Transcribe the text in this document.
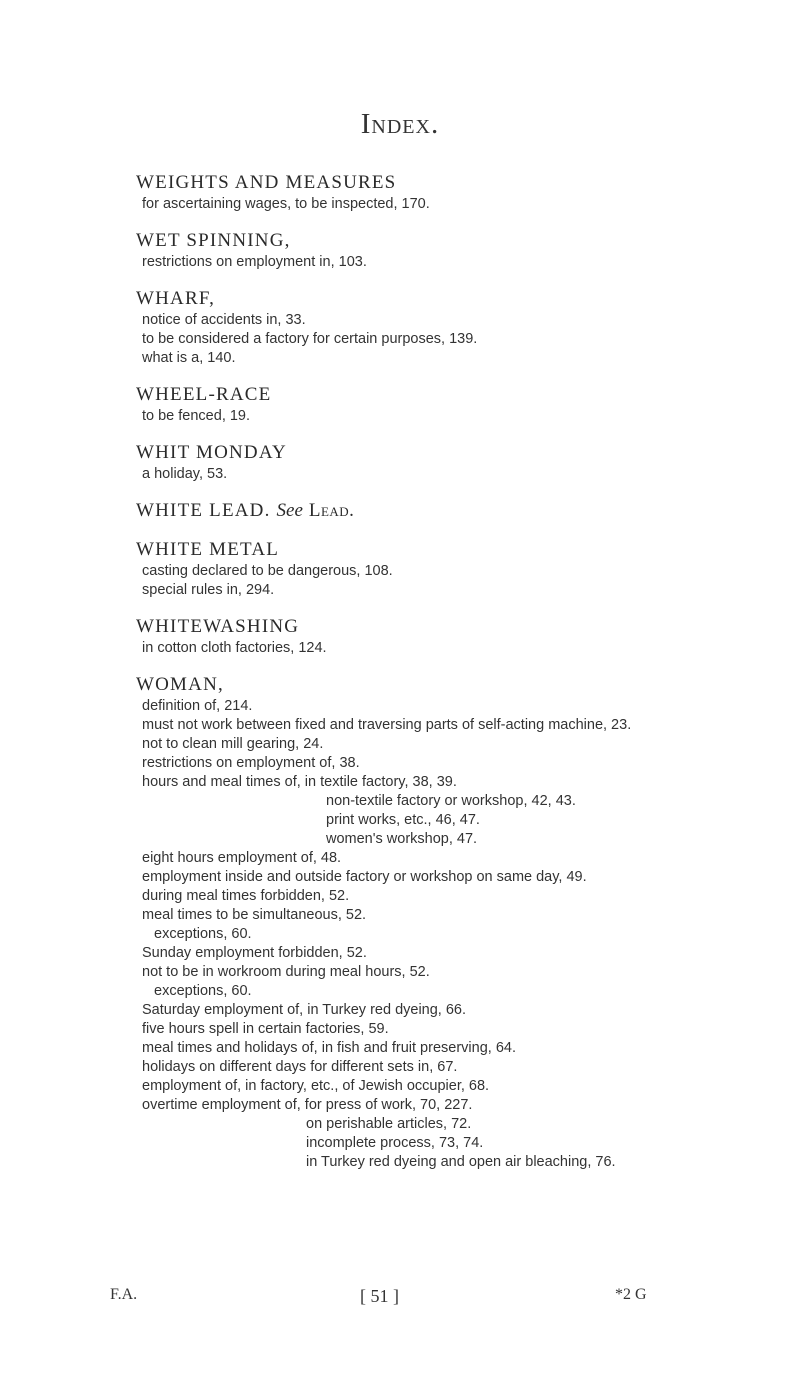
Index.
WEIGHTS AND MEASURES
for ascertaining wages, to be inspected, 170.
WET SPINNING,
restrictions on employment in, 103.
WHARF,
notice of accidents in, 33.
to be considered a factory for certain purposes, 139.
what is a, 140.
WHEEL-RACE
to be fenced, 19.
WHIT MONDAY
a holiday, 53.
WHITE LEAD. See Lead.
WHITE METAL
casting declared to be dangerous, 108.
special rules in, 294.
WHITEWASHING
in cotton cloth factories, 124.
WOMAN,
definition of, 214.
must not work between fixed and traversing parts of self-acting machine, 23.
not to clean mill gearing, 24.
restrictions on employment of, 38.
hours and meal times of, in textile factory, 38, 39.
non-textile factory or workshop, 42, 43.
print works, etc., 46, 47.
women's workshop, 47.
eight hours employment of, 48.
employment inside and outside factory or workshop on same day, 49.
during meal times forbidden, 52.
meal times to be simultaneous, 52.
exceptions, 60.
Sunday employment forbidden, 52.
not to be in workroom during meal hours, 52.
exceptions, 60.
Saturday employment of, in Turkey red dyeing, 66.
five hours spell in certain factories, 59.
meal times and holidays of, in fish and fruit preserving, 64.
holidays on different days for different sets in, 67.
employment of, in factory, etc., of Jewish occupier, 68.
overtime employment of, for press of work, 70, 227.
on perishable articles, 72.
incomplete process, 73, 74.
in Turkey red dyeing and open air bleaching, 76.
F.A.	[ 51 ]	*2 G
